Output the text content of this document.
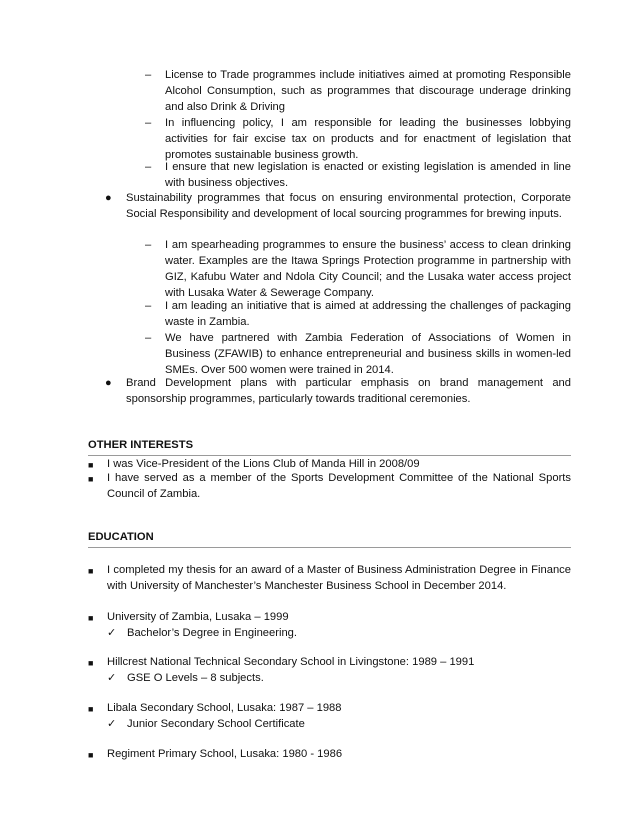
– License to Trade programmes include initiatives aimed at promoting Responsible Alcohol Consumption, such as programmes that discourage underage drinking and also Drink & Driving
– In influencing policy, I am responsible for leading the businesses lobbying activities for fair excise tax on products and for enactment of legislation that promotes sustainable business growth.
– I ensure that new legislation is enacted or existing legislation is amended in line with business objectives.
● Sustainability programmes that focus on ensuring environmental protection, Corporate Social Responsibility and development of local sourcing programmes for brewing inputs.
– I am spearheading programmes to ensure the business’ access to clean drinking water. Examples are the Itawa Springs Protection programme in partnership with GIZ, Kafubu Water and Ndola City Council; and the Lusaka water access project with Lusaka Water & Sewerage Company.
– I am leading an initiative that is aimed at addressing the challenges of packaging waste in Zambia.
– We have partnered with Zambia Federation of Associations of Women in Business (ZFAWIB) to enhance entrepreneurial and business skills in women-led SMEs. Over 500 women were trained in 2014.
● Brand Development plans with particular emphasis on brand management and sponsorship programmes, particularly towards traditional ceremonies.
OTHER INTERESTS
■ I was Vice-President of the Lions Club of Manda Hill in 2008/09
■ I have served as a member of the Sports Development Committee of the National Sports Council of Zambia.
EDUCATION
■ I completed my thesis for an award of a Master of Business Administration Degree in Finance with University of Manchester’s Manchester Business School in December 2014.
■ University of Zambia, Lusaka – 1999
✓ Bachelor’s Degree in Engineering.
■ Hillcrest National Technical Secondary School in Livingstone: 1989 – 1991
✓ GSE O Levels – 8 subjects.
■ Libala Secondary School, Lusaka: 1987 – 1988
✓ Junior Secondary School Certificate
■ Regiment Primary School, Lusaka: 1980 - 1986
